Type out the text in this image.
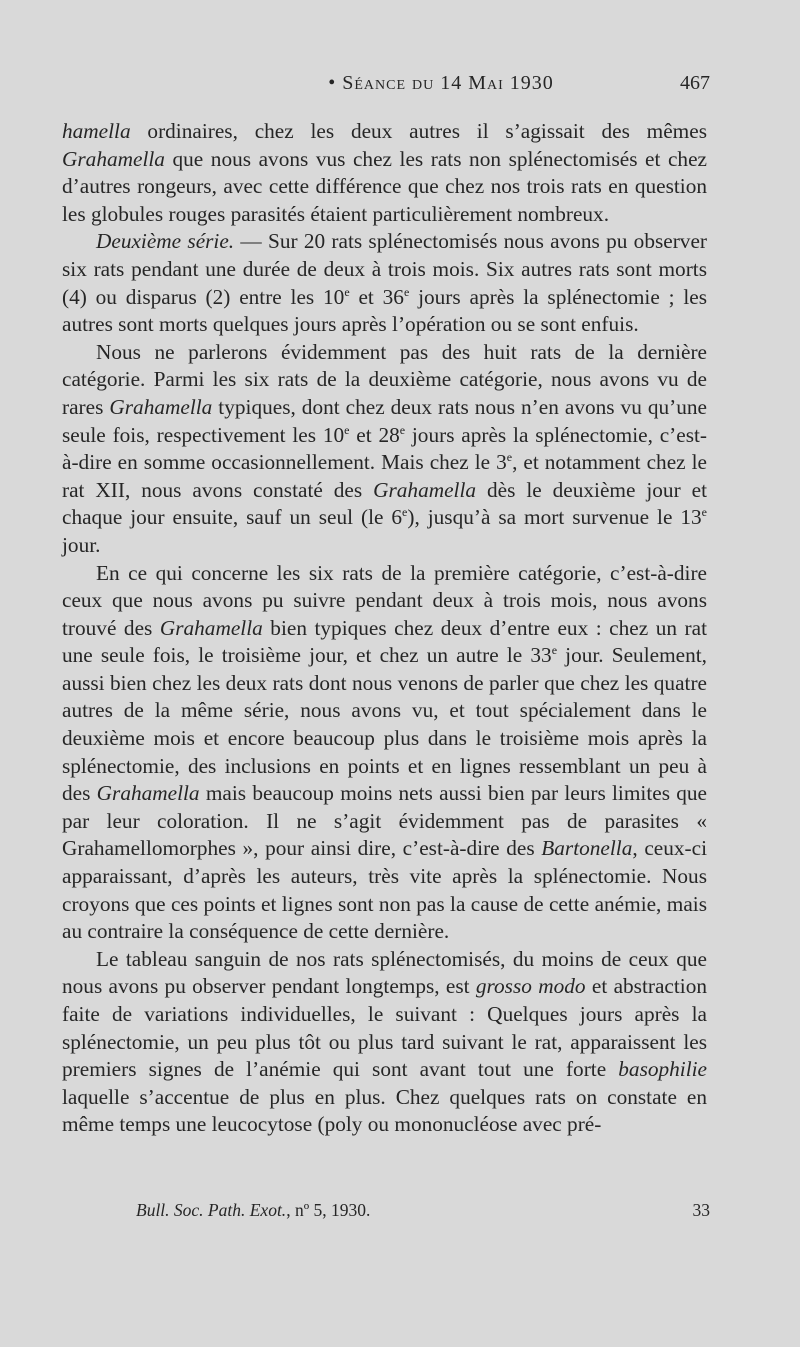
• Séance du 14 Mai 1930	467

hamella ordinaires, chez les deux autres il s’agissait des mêmes Grahamella que nous avons vus chez les rats non splénectomisés et chez d’autres rongeurs, avec cette différence que chez nos trois rats en question les globules rouges parasités étaient particulièrement nombreux.

Deuxième série. — Sur 20 rats splénectomisés nous avons pu observer six rats pendant une durée de deux à trois mois. Six autres rats sont morts (4) ou disparus (2) entre les 10e et 36e jours après la splénectomie ; les autres sont morts quelques jours après l’opération ou se sont enfuis.

Nous ne parlerons évidemment pas des huit rats de la dernière catégorie. Parmi les six rats de la deuxième catégorie, nous avons vu de rares Grahamella typiques, dont chez deux rats nous n’en avons vu qu’une seule fois, respectivement les 10e et 28e jours après la splénectomie, c’est-à-dire en somme occasionnellement. Mais chez le 3e, et notamment chez le rat XII, nous avons constaté des Grahamella dès le deuxième jour et chaque jour ensuite, sauf un seul (le 6e), jusqu’à sa mort survenue le 13e jour.

En ce qui concerne les six rats de la première catégorie, c’est-à-dire ceux que nous avons pu suivre pendant deux à trois mois, nous avons trouvé des Grahamella bien typiques chez deux d’entre eux : chez un rat une seule fois, le troisième jour, et chez un autre le 33e jour. Seulement, aussi bien chez les deux rats dont nous venons de parler que chez les quatre autres de la même série, nous avons vu, et tout spécialement dans le deuxième mois et encore beaucoup plus dans le troisième mois après la splénectomie, des inclusions en points et en lignes ressemblant un peu à des Grahamella mais beaucoup moins nets aussi bien par leurs limites que par leur coloration. Il ne s’agit évidemment pas de parasites « Grahamellomorphes », pour ainsi dire, c’est-à-dire des Bartonella, ceux-ci apparaissant, d’après les auteurs, très vite après la splénectomie. Nous croyons que ces points et lignes sont non pas la cause de cette anémie, mais au contraire la conséquence de cette dernière.

Le tableau sanguin de nos rats splénectomisés, du moins de ceux que nous avons pu observer pendant longtemps, est grosso modo et abstraction faite de variations individuelles, le suivant : Quelques jours après la splénectomie, un peu plus tôt ou plus tard suivant le rat, apparaissent les premiers signes de l’anémie qui sont avant tout une forte basophilie laquelle s’accentue de plus en plus. Chez quelques rats on constate en même temps une leucocytose (poly ou mononucléose avec pré-

Bull. Soc. Path. Exot., nº 5, 1930.	33
